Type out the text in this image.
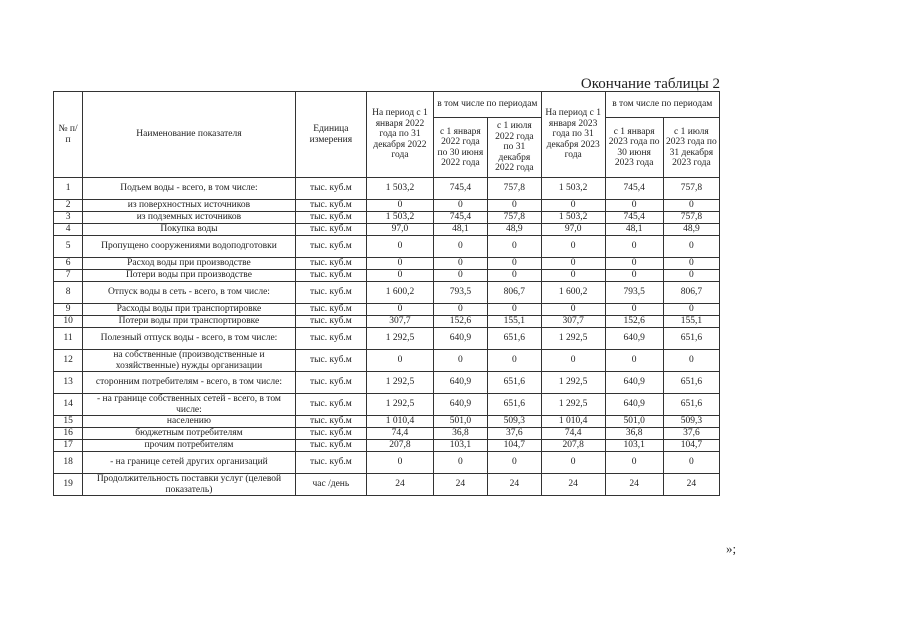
Окончание таблицы 2
№ п/п	Наименование показателя	Единица измерения	На период с 1 января 2022 года по 31 декабря 2022 года	в том числе по периодам		На период с 1 января 2023 года по 31 декабря 2023 года	в том числе по периодам	
				с 1 января 2022 года по 30 июня 2022 года	с 1 июля 2022 года по 31 декабря 2022 года		с 1 января 2023 года по 30 июня 2023 года	с 1 июля 2023 года по 31 декабря 2023 года

1	Подъем воды - всего, в том числе:	тыс. куб.м	1 503,2	745,4	757,8	1 503,2	745,4	757,8
2	из поверхностных источников	тыс. куб.м	0	0	0	0	0	0
3	из подземных источников	тыс. куб.м	1 503,2	745,4	757,8	1 503,2	745,4	757,8
4	Покупка воды	тыс. куб.м	97,0	48,1	48,9	97,0	48,1	48,9
5	Пропущено сооружениями водоподготовки	тыс. куб.м	0	0	0	0	0	0
6	Расход воды при производстве	тыс. куб.м	0	0	0	0	0	0
7	Потери воды при производстве	тыс. куб.м	0	0	0	0	0	0
8	Отпуск воды в сеть - всего, в том числе:	тыс. куб.м	1 600,2	793,5	806,7	1 600,2	793,5	806,7
9	Расходы воды при транспортировке	тыс. куб.м	0	0	0	0	0	0
10	Потери воды при транспортировке	тыс. куб.м	307,7	152,6	155,1	307,7	152,6	155,1
11	Полезный отпуск воды - всего, в том числе:	тыс. куб.м	1 292,5	640,9	651,6	1 292,5	640,9	651,6
12	на собственные (производственные и хозяйственные) нужды организации	тыс. куб.м	0	0	0	0	0	0
13	сторонним потребителям - всего, в том числе:	тыс. куб.м	1 292,5	640,9	651,6	1 292,5	640,9	651,6
14	- на границе собственных сетей - всего, в том числе:	тыс. куб.м	1 292,5	640,9	651,6	1 292,5	640,9	651,6
15	населению	тыс. куб.м	1 010,4	501,0	509,3	1 010,4	501,0	509,3
16	бюджетным потребителям	тыс. куб.м	74,4	36,8	37,6	74,4	36,8	37,6
17	прочим потребителям	тыс. куб.м	207,8	103,1	104,7	207,8	103,1	104,7
18	- на границе сетей других организаций	тыс. куб.м	0	0	0	0	0	0
19	Продолжительность поставки услуг (целевой показатель)	час /день	24	24	24	24	24	24
»;
